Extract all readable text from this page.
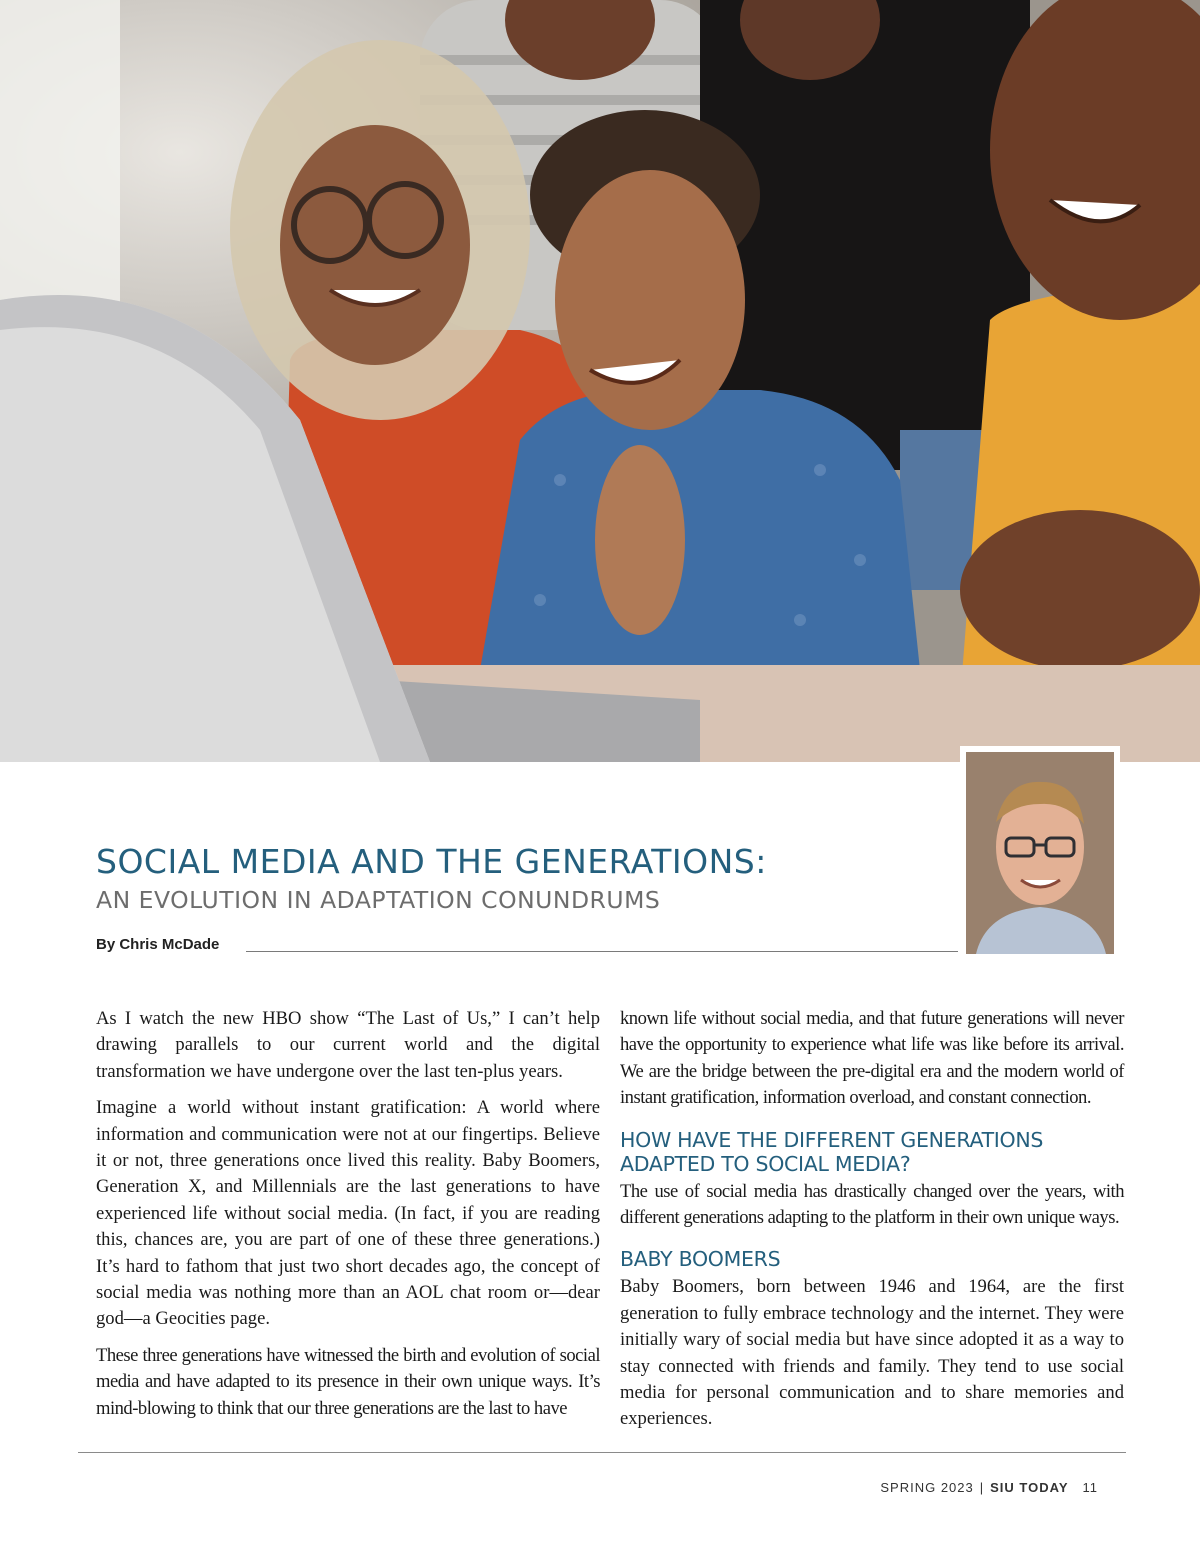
SOCIAL MEDIA AND THE GENERATIONS:
AN EVOLUTION IN ADAPTATION CONUNDRUMS
By Chris McDade

As I watch the new HBO show “The Last of Us,” I can’t help drawing parallels to our current world and the digital transformation we have undergone over the last ten-plus years.

Imagine a world without instant gratification: A world where information and communication were not at our fingertips. Believe it or not, three generations once lived this reality. Baby Boomers, Generation X, and Millennials are the last generations to have experienced life without social media. (In fact, if you are reading this, chances are, you are part of one of these three generations.) It’s hard to fathom that just two short decades ago, the concept of social media was nothing more than an AOL chat room or—dear god—a Geocities page.

These three generations have witnessed the birth and evolution of social media and have adapted to its presence in their own unique ways. It’s mind-blowing to think that our three generations are the last to have

known life without social media, and that future generations will never have the opportunity to experience what life was like before its arrival. We are the bridge between the pre-digital era and the modern world of instant gratification, information overload, and constant connection.

HOW HAVE THE DIFFERENT GENERATIONS ADAPTED TO SOCIAL MEDIA?

The use of social media has drastically changed over the years, with different generations adapting to the platform in their own unique ways.

BABY BOOMERS

Baby Boomers, born between 1946 and 1964, are the first generation to fully embrace technology and the internet. They were initially wary of social media but have since adopted it as a way to stay connected with friends and family. They tend to use social media for personal communication and to share memories and experiences.

SPRING 2023 | SIU TODAY 11
